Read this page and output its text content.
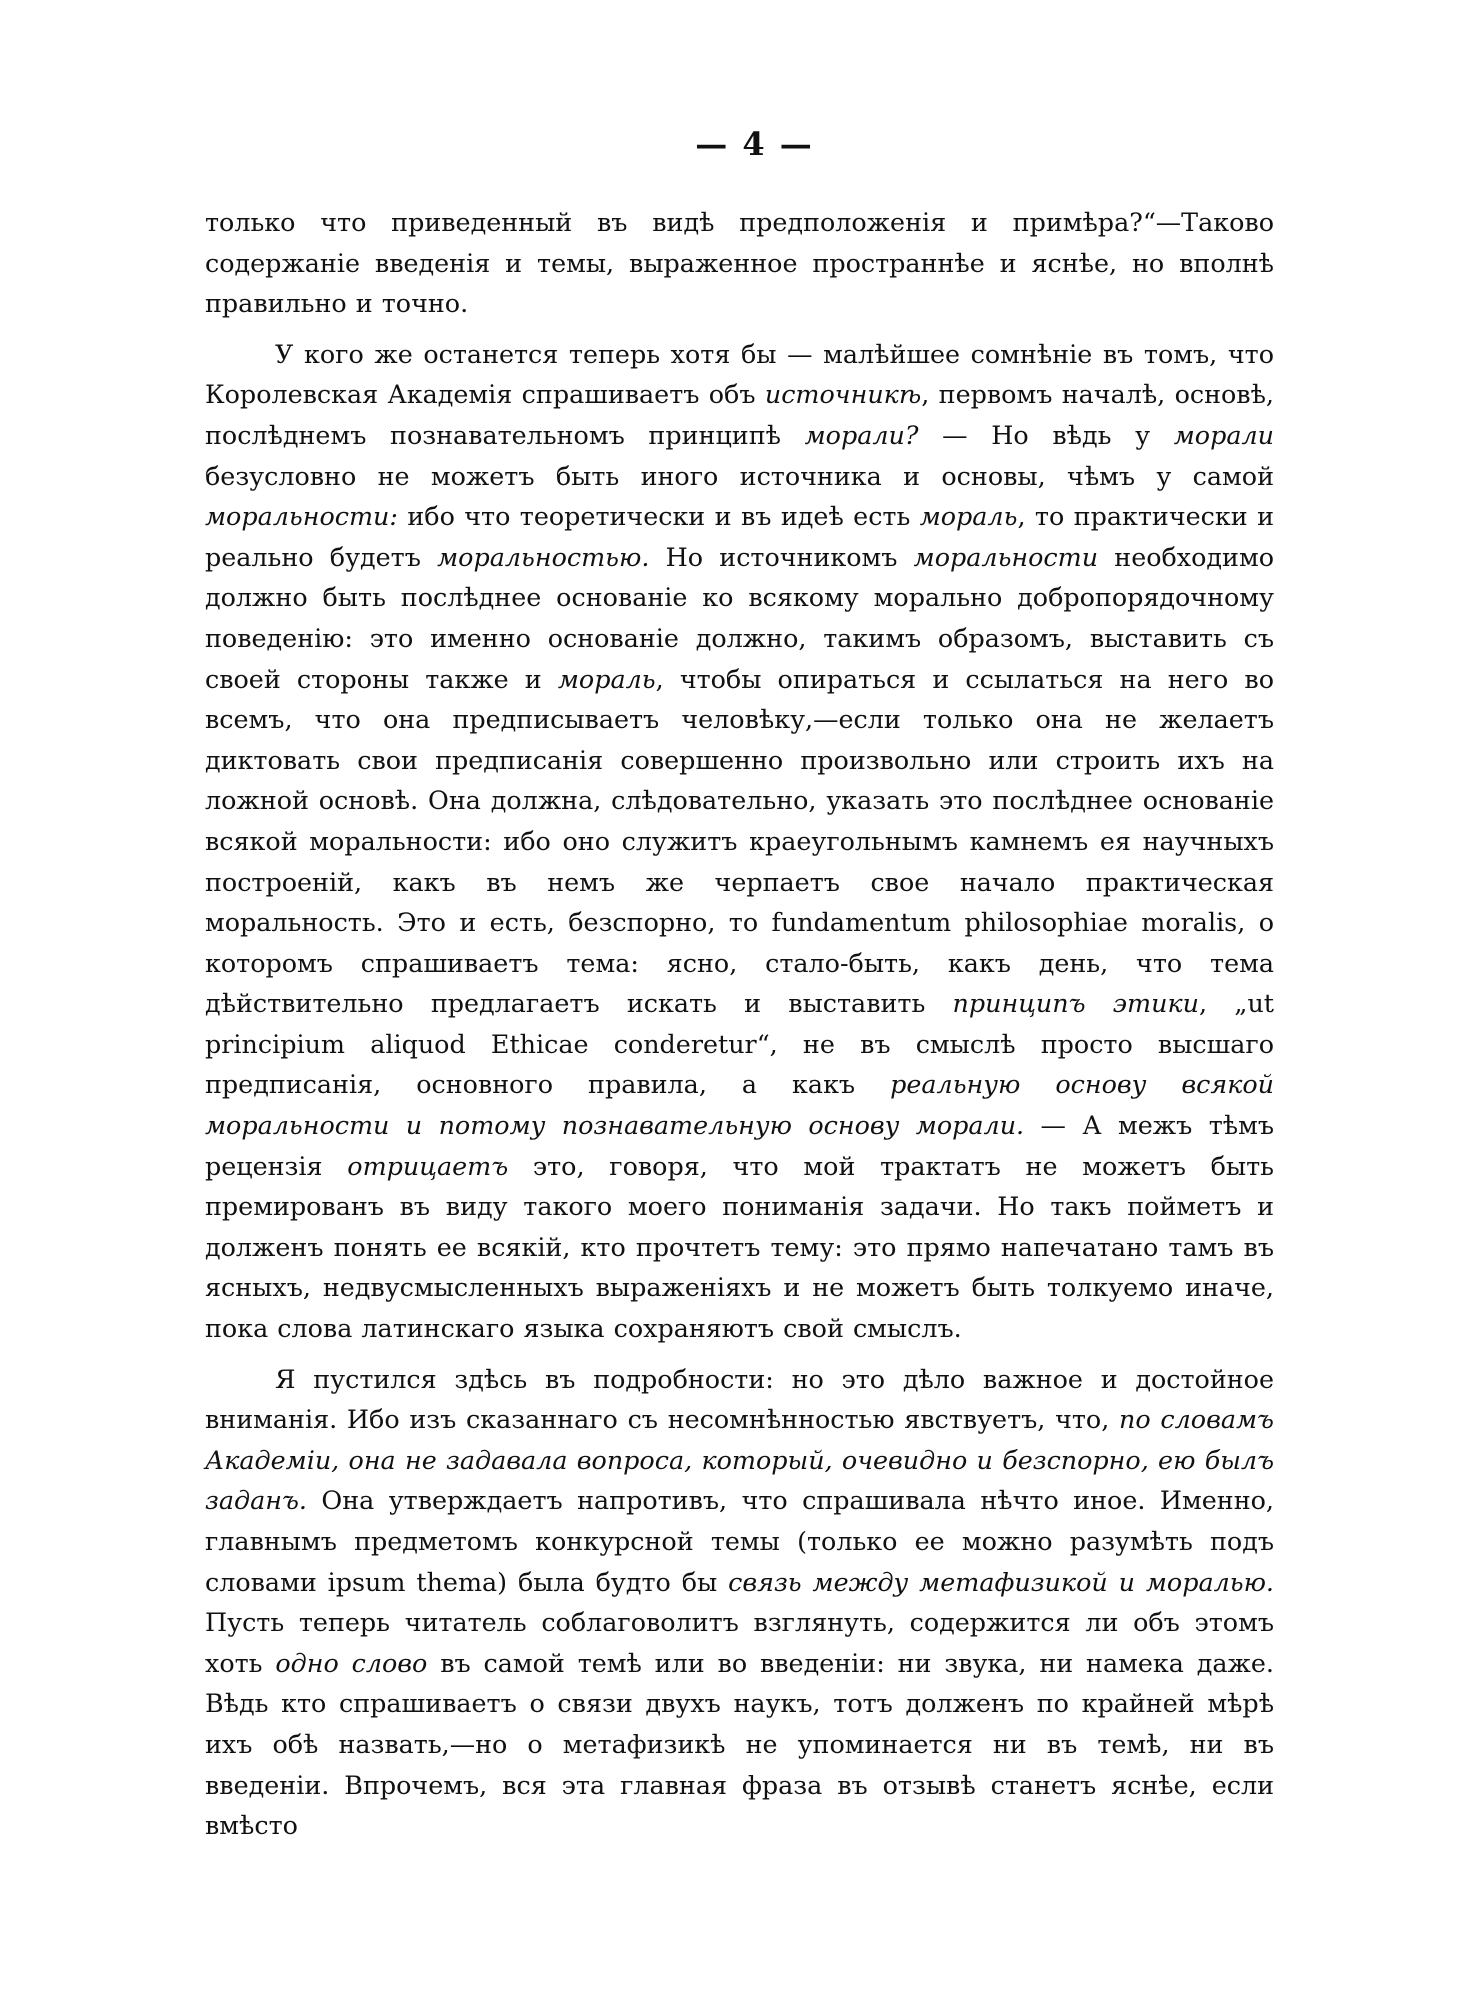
— 4 —

только что приведенный въ видѣ предположенія и примѣра?“—Таково содержаніе введенія и темы, выраженное пространнѣе и яснѣе, но вполнѣ правильно и точно.

У кого же останется теперь хотя бы — малѣйшее сомнѣніе въ томъ, что Королевская Академія спрашиваетъ объ источникѣ, первомъ началѣ, основѣ, послѣднемъ познавательномъ принципѣ морали? — Но вѣдь у морали безусловно не можетъ быть иного источника и основы, чѣмъ у самой моральности: ибо что теоретически и въ идеѣ есть мораль, то практически и реально будетъ моральностью. Но источникомъ моральности необходимо должно быть послѣднее основаніе ко всякому морально добропорядочному поведенію: это именно основаніе должно, такимъ образомъ, выставить съ своей стороны также и мораль, чтобы опираться и ссылаться на него во всемъ, что она предписываетъ человѣку,—если только она не желаетъ диктовать свои предписанія совершенно произвольно или строить ихъ на ложной основѣ. Она должна, слѣдовательно, указать это послѣднее основаніе всякой моральности: ибо оно служитъ краеугольнымъ камнемъ ея научныхъ построеній, какъ въ немъ же черпаетъ свое начало практическая моральность. Это и есть, безспорно, то fundamentum philosophiae moralis, о которомъ спрашиваетъ тема: ясно, стало-быть, какъ день, что тема дѣйствительно предлагаетъ искать и выставить принципъ этики, „ut principium aliquod Ethicae conderetur“, не въ смыслѣ просто высшаго предписанія, основного правила, а какъ реальную основу всякой моральности и потому познавательную основу морали. — А межъ тѣмъ рецензія отрицаетъ это, говоря, что мой трактатъ не можетъ быть премированъ въ виду такого моего пониманія задачи. Но такъ пойметъ и долженъ понять ее всякій, кто прочтетъ тему: это прямо напечатано тамъ въ ясныхъ, недвусмысленныхъ выраженіяхъ и не можетъ быть толкуемо иначе, пока слова латинскаго языка сохраняютъ свой смыслъ.

Я пустился здѣсь въ подробности: но это дѣло важное и достойное вниманія. Ибо изъ сказаннаго съ несомнѣнностью явствуетъ, что, по словамъ Академіи, она не задавала вопроса, который, очевидно и безспорно, ею былъ заданъ. Она утверждаетъ напротивъ, что спрашивала нѣчто иное. Именно, главнымъ предметомъ конкурсной темы (только ее можно разумѣть подъ словами ipsum thema) была будто бы связь между метафизикой и моралью. Пусть теперь читатель соблаговолитъ взглянуть, содержится ли объ этомъ хоть одно слово въ самой темѣ или во введеніи: ни звука, ни намека даже. Вѣдь кто спрашиваетъ о связи двухъ наукъ, тотъ долженъ по крайней мѣрѣ ихъ обѣ назвать,—но о метафизикѣ не упоминается ни въ темѣ, ни въ введеніи. Впрочемъ, вся эта главная фраза въ отзывѣ станетъ яснѣе, если вмѣсто
